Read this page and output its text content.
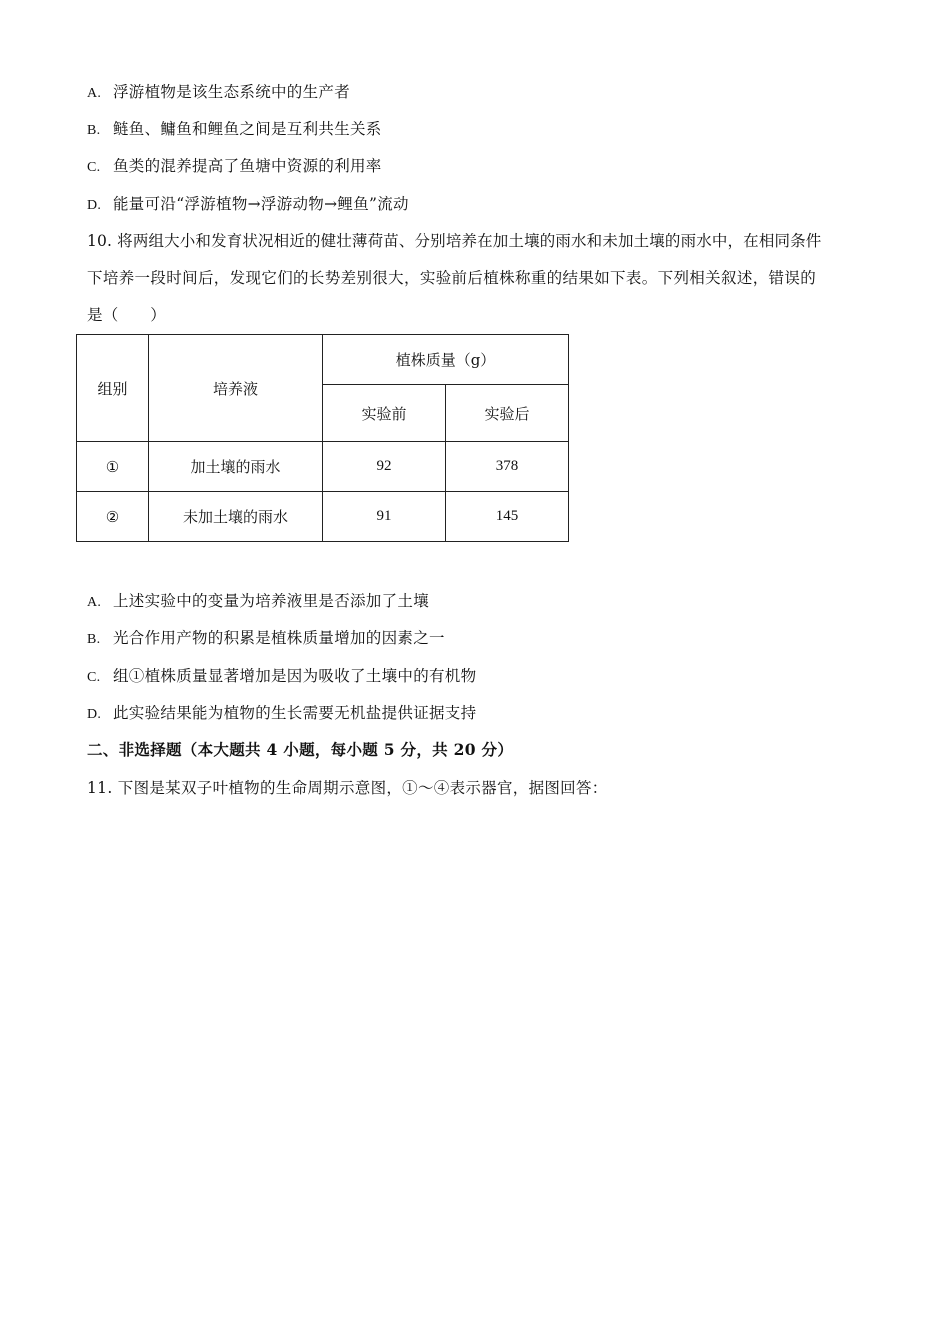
A. 浮游植物是该生态系统中的生产者
B. 鲢鱼、鳙鱼和鲤鱼之间是互利共生关系
C. 鱼类的混养提高了鱼塘中资源的利用率
D. 能量可沿“浮游植物→浮游动物→鲤鱼”流动
10. 将两组大小和发育状况相近的健壮薄荷苗、分别培养在加土壤的雨水和未加土壤的雨水中，在相同条件
下培养一段时间后，发现它们的长势差别很大，实验前后植株称重的结果如下表。下列相关叙述，错误的
是（　　）
组别	培养液	植株质量（g）	
		实验前	实验后
①	加土壤的雨水	92	378
②	未加土壤的雨水	91	145
A. 上述实验中的变量为培养液里是否添加了土壤
B. 光合作用产物的积累是植株质量增加的因素之一
C. 组①植株质量显著增加是因为吸收了土壤中的有机物
D. 此实验结果能为植物的生长需要无机盐提供证据支持
二、非选择题（本大题共 4 小题，每小题 5 分，共 20 分）
11. 下图是某双子叶植物的生命周期示意图，①～④表示器官，据图回答：
